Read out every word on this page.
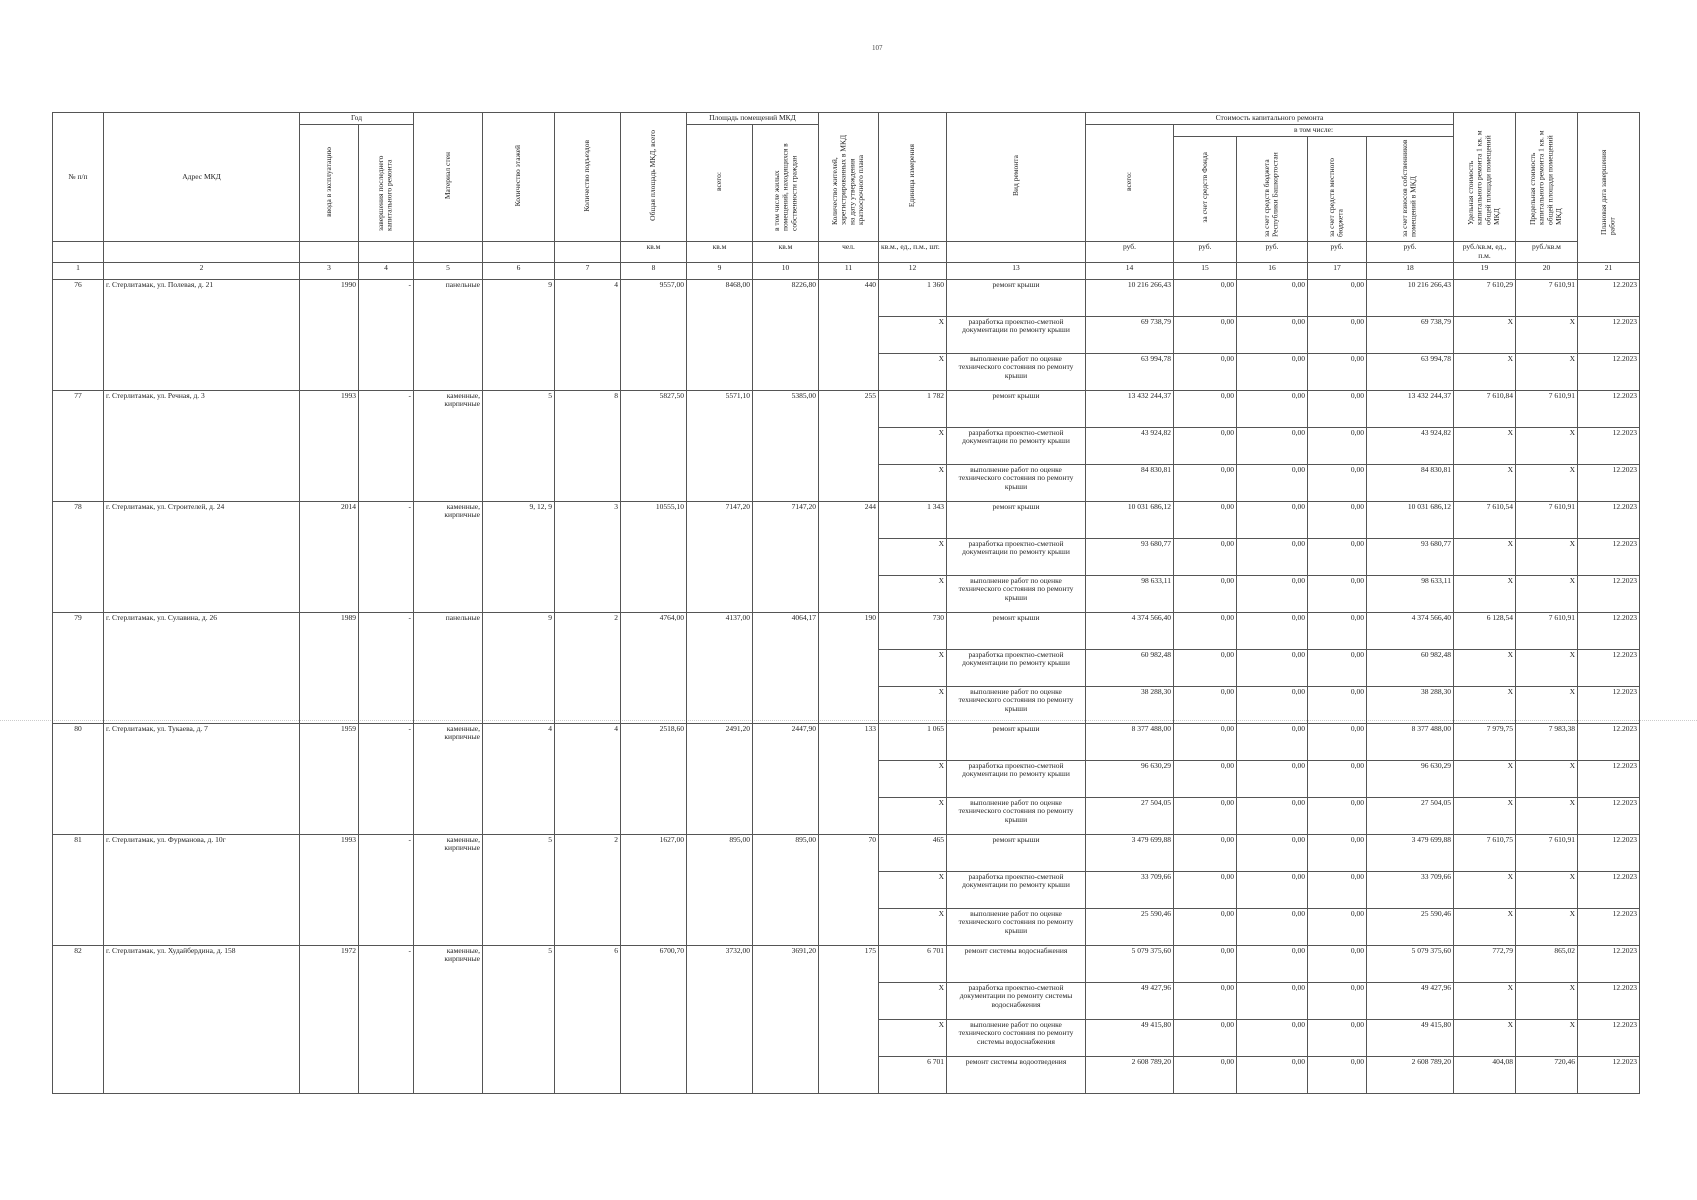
107
№ п/п	Адрес МКД	Год		Материал стен	Количество этажей	Количество подъездов	Общая площадь МКД, всего	Площадь помещений МКД		Количество жителей, зарегистрированных в МКД на дату утверждения краткосрочного плана	Единица измерения	Вид ремонта	Стоимость капитального ремонта					Удельная стоимость капитального ремонта 1 кв. м общей площади помещений МКД	Предельная стоимость капитального ремонта 1 кв. м общей площади помещений МКД	Плановая дата завершения работ
		ввода в эксплуатацию	завершения последнего капитального ремонта					всего:	в том числе жилых помещений, находящихся в собственности граждан				всего:	в том числе:						
														за счет средств Фонда	за счет средств бюджета Республики Башкортостан	за счет средств местного бюджета	за счет взносов собственников помещений в МКД			
							кв.м	кв.м	кв.м	чел.	кв.м., ед., п.м., шт.		руб.	руб.	руб.	руб.	руб.	руб./кв.м, ед., п.м.	руб./кв.м	
1	2	3	4	5	6	7	8	9	10	11	12	13	14	15	16	17	18	19	20	21
76	г. Стерлитамак, ул. Полевая, д. 21	1990	-	панельные	9	4	9557,00	8468,00	8226,80	440	1 360	ремонт крыши	10 216 266,43	0,00	0,00	0,00	10 216 266,43	7 610,29	7 610,91	12.2023
											X	разработка проектно-сметной документации по ремонту крыши	69 738,79	0,00	0,00	0,00	69 738,79	X	X	12.2023
											X	выполнение работ по оценке технического состояния по ремонту крыши	63 994,78	0,00	0,00	0,00	63 994,78	X	X	12.2023
77	г. Стерлитамак, ул. Речная, д. 3	1993	-	каменные, кирпичные	5	8	5827,50	5571,10	5385,00	255	1 782	ремонт крыши	13 432 244,37	0,00	0,00	0,00	13 432 244,37	7 610,84	7 610,91	12.2023
											X	разработка проектно-сметной документации по ремонту крыши	43 924,82	0,00	0,00	0,00	43 924,82	X	X	12.2023
											X	выполнение работ по оценке технического состояния по ремонту крыши	84 830,81	0,00	0,00	0,00	84 830,81	X	X	12.2023
78	г. Стерлитамак, ул. Строителей, д. 24	2014	-	каменные, кирпичные	9, 12, 9	3	10555,10	7147,20	7147,20	244	1 343	ремонт крыши	10 031 686,12	0,00	0,00	0,00	10 031 686,12	7 610,54	7 610,91	12.2023
											X	разработка проектно-сметной документации по ремонту крыши	93 680,77	0,00	0,00	0,00	93 680,77	X	X	12.2023
											X	выполнение работ по оценке технического состояния по ремонту крыши	98 633,11	0,00	0,00	0,00	98 633,11	X	X	12.2023
79	г. Стерлитамак, ул. Сулавина, д. 26	1989	-	панельные	9	2	4764,00	4137,00	4064,17	190	730	ремонт крыши	4 374 566,40	0,00	0,00	0,00	4 374 566,40	6 128,54	7 610,91	12.2023
											X	разработка проектно-сметной документации по ремонту крыши	60 982,48	0,00	0,00	0,00	60 982,48	X	X	12.2023
											X	выполнение работ по оценке технического состояния по ремонту крыши	38 288,30	0,00	0,00	0,00	38 288,30	X	X	12.2023
80	г. Стерлитамак, ул. Тукаева, д. 7	1959	-	каменные, кирпичные	4	4	2518,60	2491,20	2447,90	133	1 065	ремонт крыши	8 377 488,00	0,00	0,00	0,00	8 377 488,00	7 979,75	7 983,38	12.2023
											X	разработка проектно-сметной документации по ремонту крыши	96 630,29	0,00	0,00	0,00	96 630,29	X	X	12.2023
											X	выполнение работ по оценке технического состояния по ремонту крыши	27 504,05	0,00	0,00	0,00	27 504,05	X	X	12.2023
81	г. Стерлитамак, ул. Фурманова, д. 10г	1993	-	каменные, кирпичные	5	2	1627,00	895,00	895,00	70	465	ремонт крыши	3 479 699,88	0,00	0,00	0,00	3 479 699,88	7 610,75	7 610,91	12.2023
											X	разработка проектно-сметной документации по ремонту крыши	33 709,66	0,00	0,00	0,00	33 709,66	X	X	12.2023
											X	выполнение работ по оценке технического состояния по ремонту крыши	25 590,46	0,00	0,00	0,00	25 590,46	X	X	12.2023
82	г. Стерлитамак, ул. Худайбердина, д. 158	1972	-	каменные, кирпичные	5	6	6700,70	3732,00	3691,20	175	6 701	ремонт системы водоснабжения	5 079 375,60	0,00	0,00	0,00	5 079 375,60	772,79	865,02	12.2023
											X	разработка проектно-сметной документации по ремонту системы водоснабжения	49 427,96	0,00	0,00	0,00	49 427,96	X	X	12.2023
											X	выполнение работ по оценке технического состояния по ремонту системы водоснабжения	49 415,80	0,00	0,00	0,00	49 415,80	X	X	12.2023
											6 701	ремонт системы водоотведения	2 608 789,20	0,00	0,00	0,00	2 608 789,20	404,08	720,46	12.2023
